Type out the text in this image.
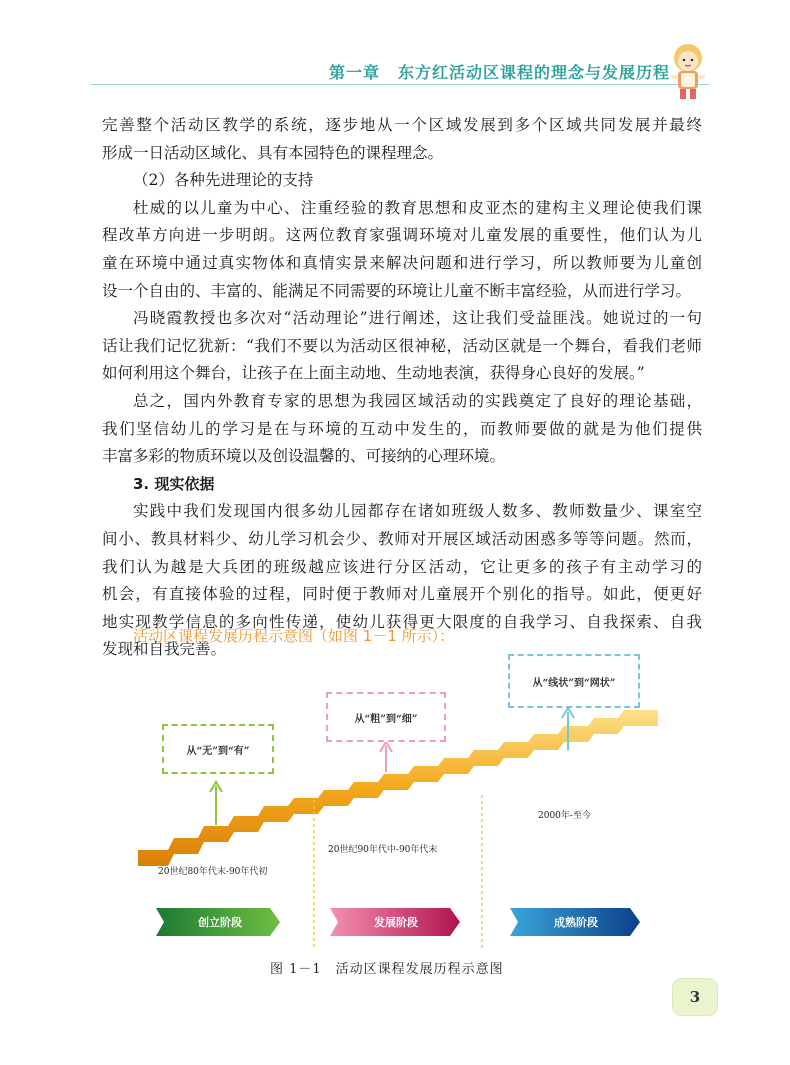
第一章 东方红活动区课程的理念与发展历程

完善整个活动区教学的系统，逐步地从一个区域发展到多个区域共同发展并最终

形成一日活动区域化、具有本园特色的课程理念。

（2）各种先进理论的支持

杜威的以儿童为中心、注重经验的教育思想和皮亚杰的建构主义理论使我们课

程改革方向进一步明朗。这两位教育家强调环境对儿童发展的重要性，他们认为儿

童在环境中通过真实物体和真情实景来解决问题和进行学习，所以教师要为儿童创

设一个自由的、丰富的、能满足不同需要的环境让儿童不断丰富经验，从而进行学习。

冯晓霞教授也多次对“活动理论”进行阐述，这让我们受益匪浅。她说过的一句

话让我们记忆犹新：“我们不要以为活动区很神秘，活动区就是一个舞台，看我们老师

如何利用这个舞台，让孩子在上面主动地、生动地表演，获得身心良好的发展。”

总之，国内外教育专家的思想为我园区域活动的实践奠定了良好的理论基础，

我们坚信幼儿的学习是在与环境的互动中发生的，而教师要做的就是为他们提供

丰富多彩的物质环境以及创设温馨的、可接纳的心理环境。

3. 现实依据

实践中我们发现国内很多幼儿园都存在诸如班级人数多、教师数量少、课室空

间小、教具材料少、幼儿学习机会少、教师对开展区域活动困惑多等等问题。然而，

我们认为越是大兵团的班级越应该进行分区活动，它让更多的孩子有主动学习的

机会，有直接体验的过程，同时便于教师对儿童展开个别化的指导。如此，便更好

地实现教学信息的多向性传递，使幼儿获得更大限度的自我学习、自我探索、自我

发现和自我完善。

活动区课程发展历程示意图（如图 1－1 所示）：
创立阶段	发展阶段	成熟阶段
从“无”到“有”
从“粗”到“细”
从“线状”到“网状”
20世纪80年代末-90年代初
20世纪90年代中-90年代末
2000年-至今
图 1－1　活动区课程发展历程示意图
3
